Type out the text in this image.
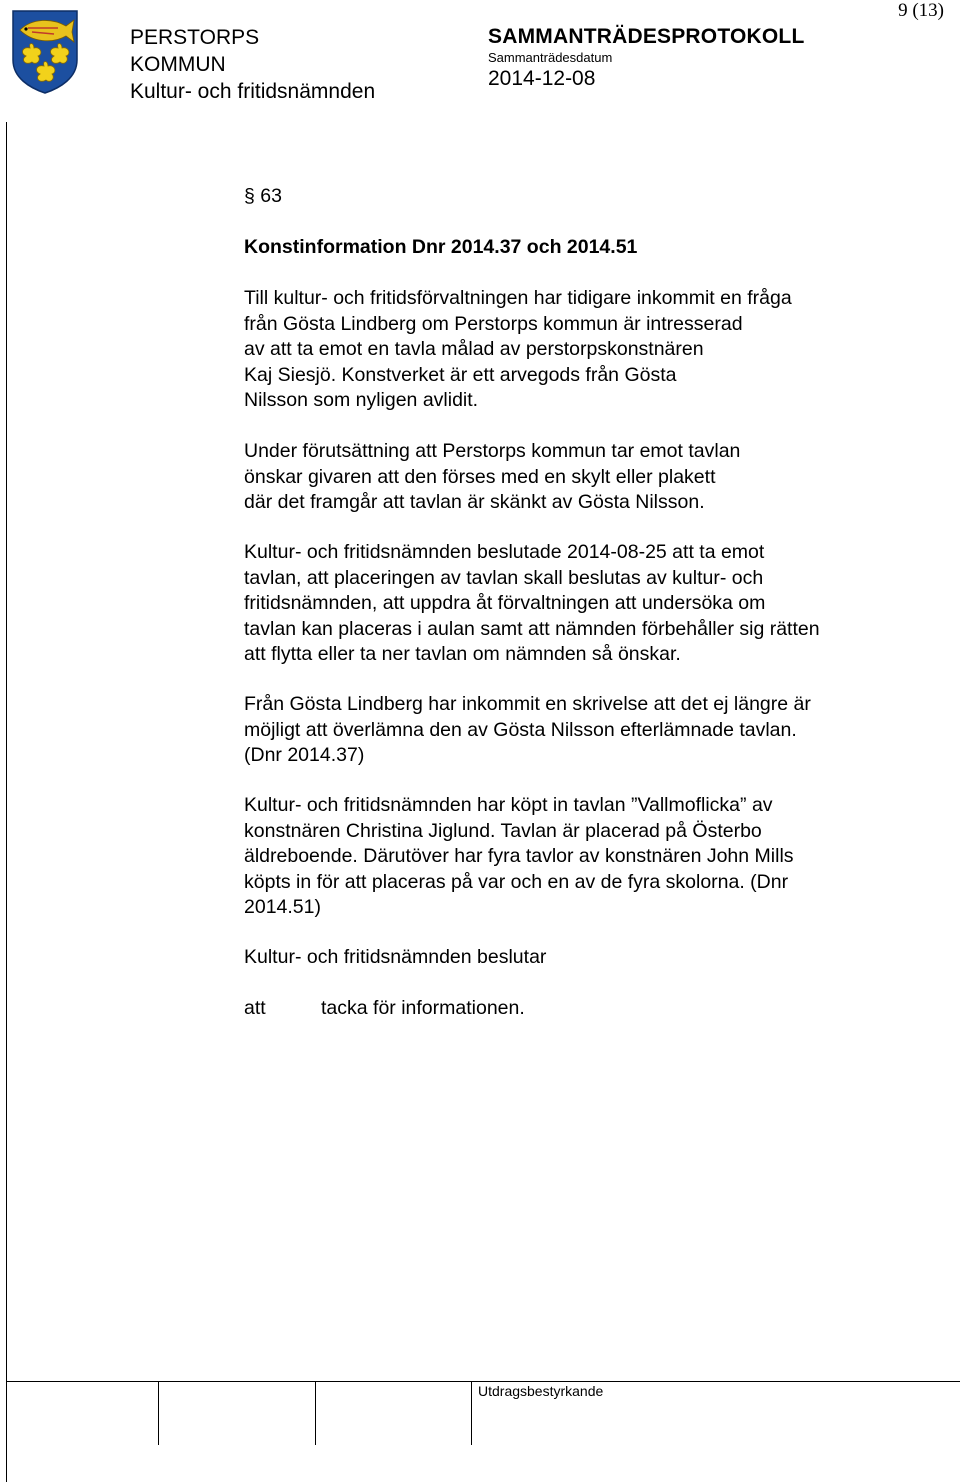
9 (13)
PERSTORPS
KOMMUN
Kultur- och fritidsnämnden
SAMMANTRÄDESPROTOKOLL
Sammanträdesdatum
2014-12-08
§ 63
Konstinformation Dnr 2014.37 och 2014.51

Till kultur- och fritidsförvaltningen har tidigare inkommit en fråga
från Gösta Lindberg om Perstorps kommun är intresserad
av att ta emot en tavla målad av perstorpskonstnären
Kaj Siesjö. Konstverket är ett arvegods från Gösta
Nilsson som nyligen avlidit.

Under förutsättning att Perstorps kommun tar emot tavlan
önskar givaren att den förses med en skylt eller plakett
där det framgår att tavlan är skänkt av Gösta Nilsson.

Kultur- och fritidsnämnden beslutade 2014-08-25 att ta emot
tavlan, att placeringen av tavlan skall beslutas av kultur- och
fritidsnämnden, att uppdra åt förvaltningen att undersöka om
tavlan kan placeras i aulan samt att nämnden förbehåller sig rätten
att flytta eller ta ner tavlan om nämnden så önskar.

Från Gösta Lindberg har inkommit en skrivelse att det ej längre är
möjligt att överlämna den av Gösta Nilsson efterlämnade tavlan.
(Dnr 2014.37)

Kultur- och fritidsnämnden har köpt in tavlan ”Vallmoflicka” av
konstnären Christina Jiglund. Tavlan är placerad på Österbo
äldreboende. Därutöver har fyra tavlor av konstnären John Mills
köpts in för att placeras på var och en av de fyra skolorna. (Dnr
2014.51)

Kultur- och fritidsnämnden beslutar

att	tacka för informationen.
Utdragsbestyrkande
